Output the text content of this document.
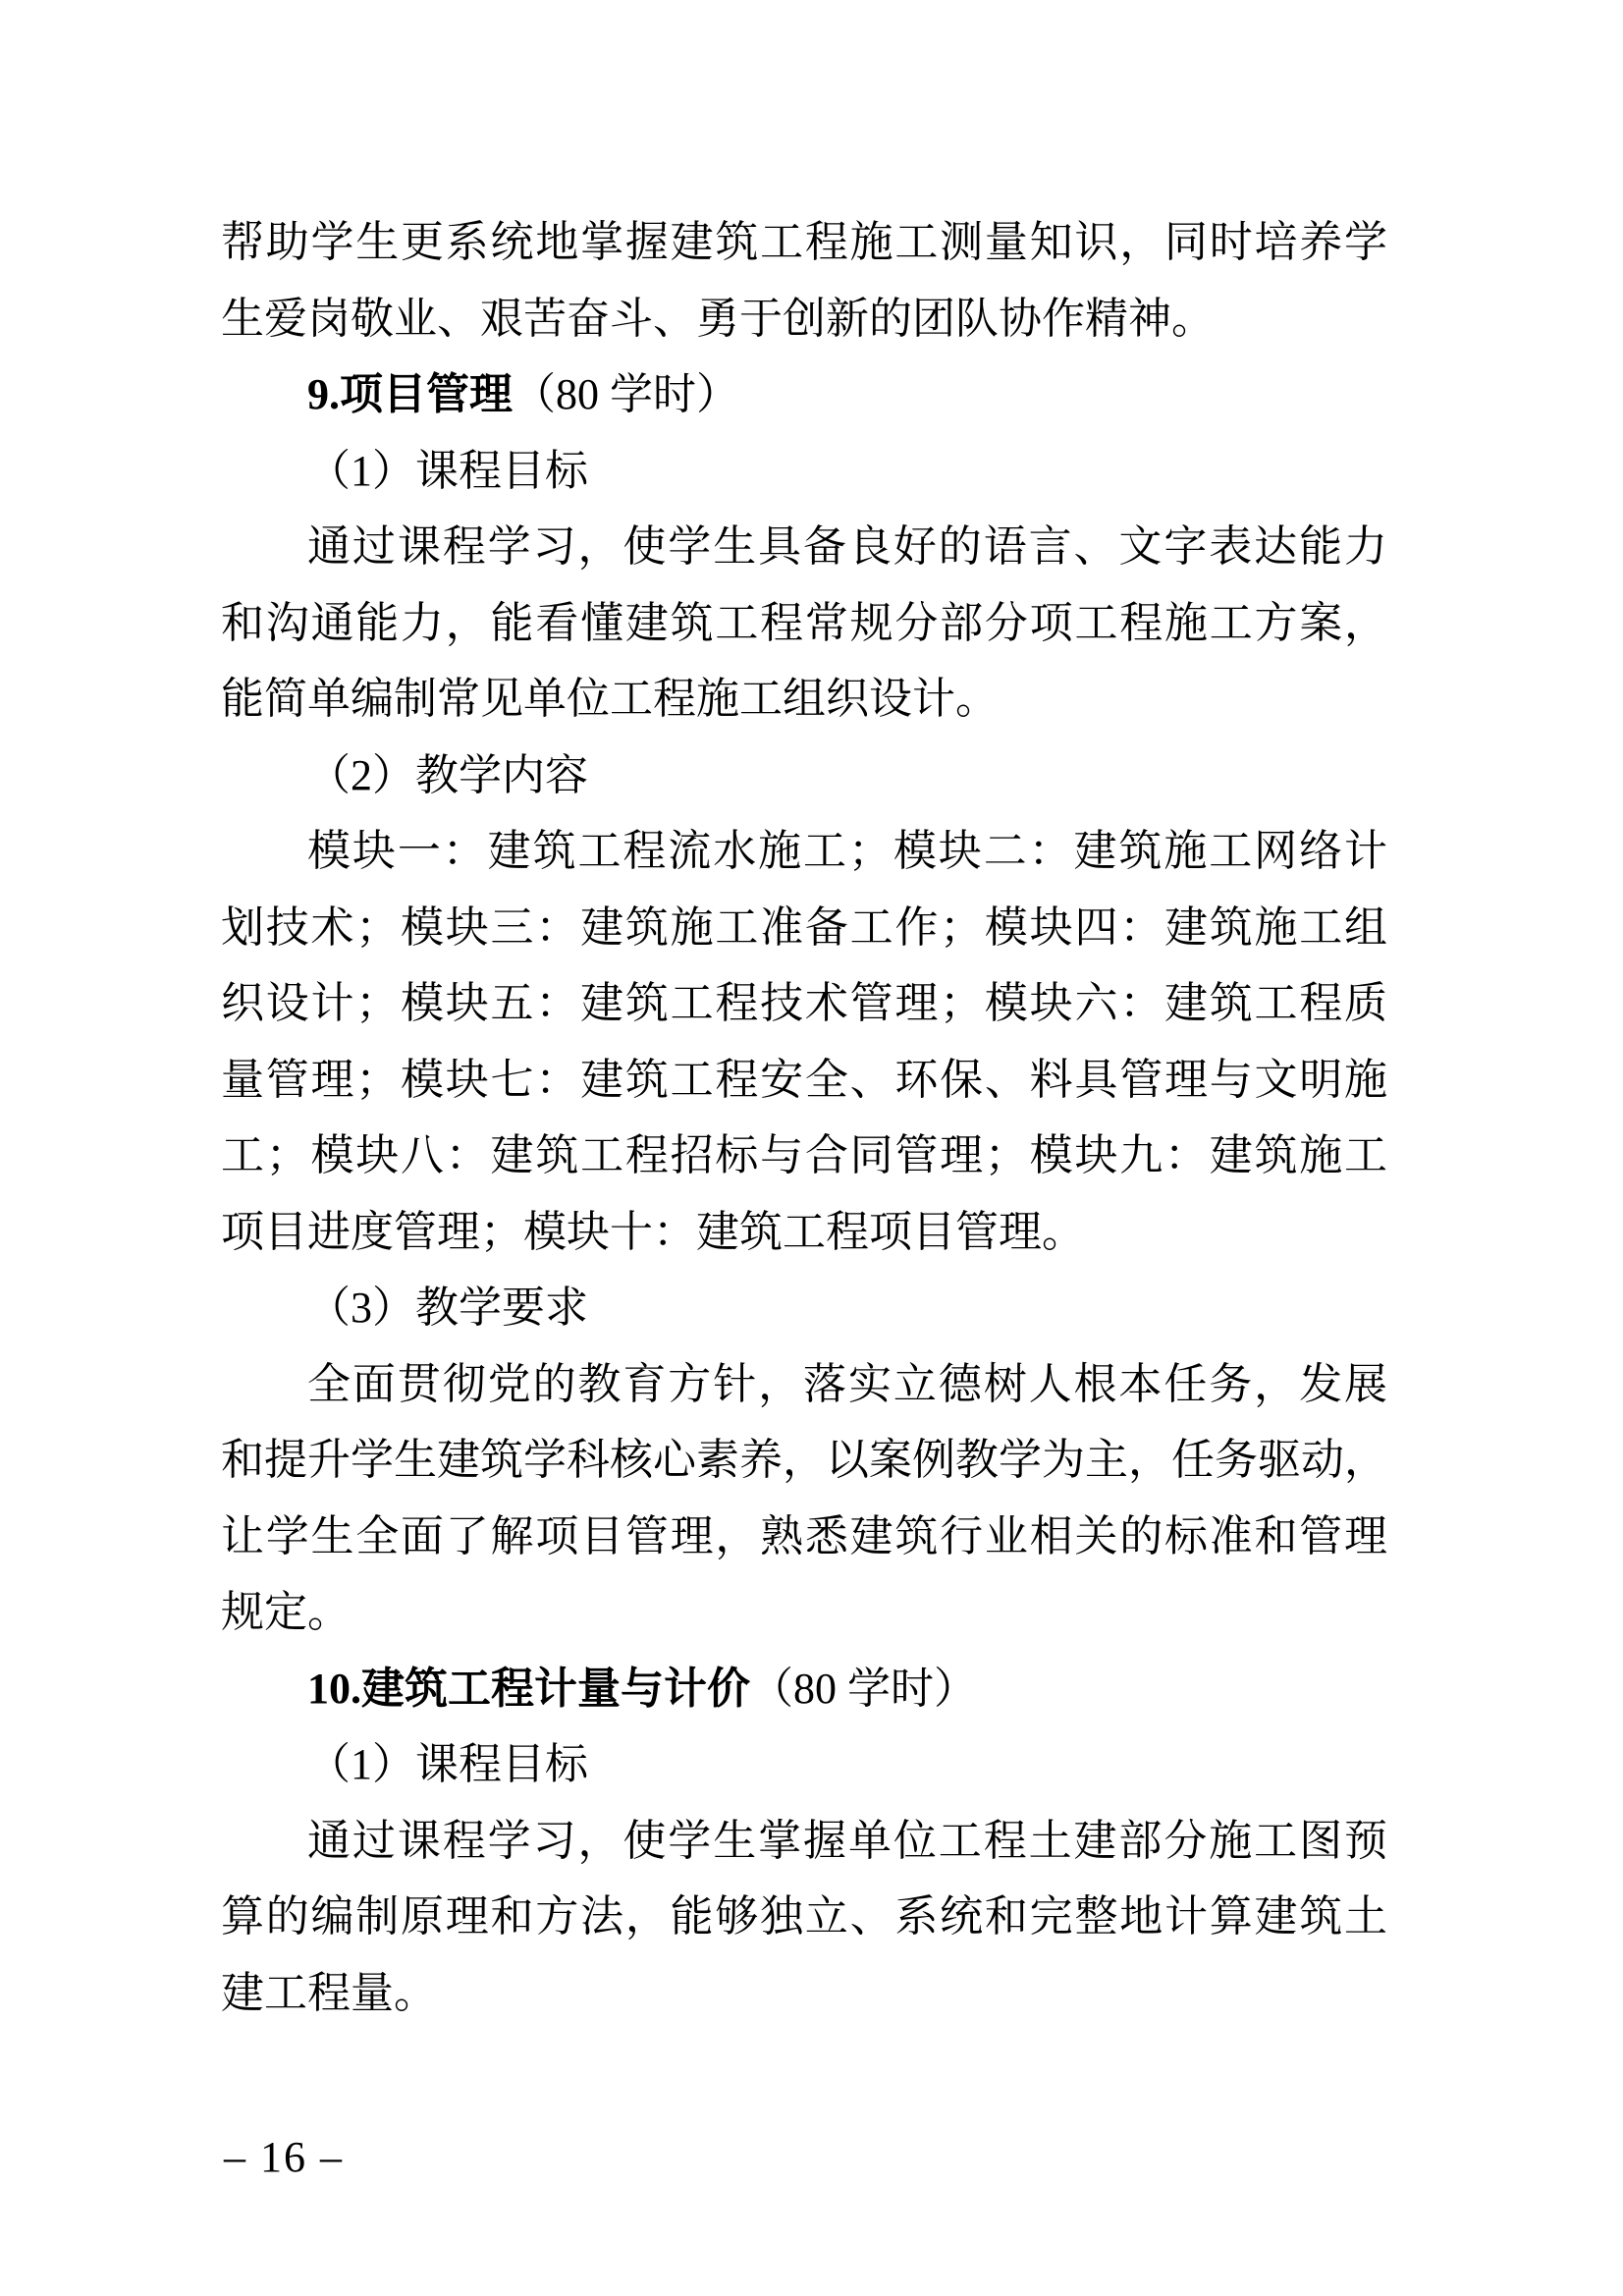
帮助学生更系统地掌握建筑工程施工测量知识，同时培养学
生爱岗敬业、艰苦奋斗、勇于创新的团队协作精神。
9.项目管理（80 学时）
（1）课程目标
通过课程学习，使学生具备良好的语言、文字表达能力
和沟通能力，能看懂建筑工程常规分部分项工程施工方案，
能简单编制常见单位工程施工组织设计。
（2）教学内容
模块一：建筑工程流水施工；模块二：建筑施工网络计
划技术；模块三：建筑施工准备工作；模块四：建筑施工组
织设计；模块五：建筑工程技术管理；模块六：建筑工程质
量管理；模块七：建筑工程安全、环保、料具管理与文明施
工；模块八：建筑工程招标与合同管理；模块九：建筑施工
项目进度管理；模块十：建筑工程项目管理。
（3）教学要求
全面贯彻党的教育方针，落实立德树人根本任务，发展
和提升学生建筑学科核心素养，以案例教学为主，任务驱动，
让学生全面了解项目管理，熟悉建筑行业相关的标准和管理
规定。
10.建筑工程计量与计价（80 学时）
（1）课程目标
通过课程学习，使学生掌握单位工程土建部分施工图预
算的编制原理和方法，能够独立、系统和完整地计算建筑土
建工程量。
– 16 –
